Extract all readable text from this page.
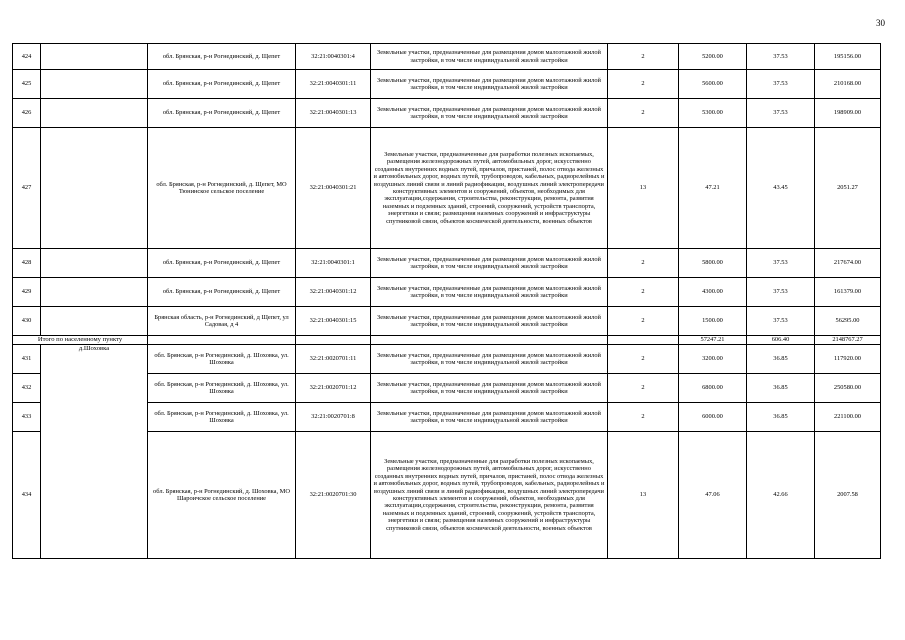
30
424		обл. Брянская, р-н Рогнединский, д. Щепет	32:21:0040301:4	Земельные участки, предназначенные для размещения домов малоэтажной жилой застройки, в том числе индивидуальной жилой застройки	2	5200.00	37.53	195156.00
425		обл. Брянская, р-н Рогнединский, д. Щепет	32:21:0040301:11	Земельные участки, предназначенные для размещения домов малоэтажной жилой застройки, в том числе индивидуальной жилой застройки	2	5600.00	37.53	210168.00
426		обл. Брянская, р-н Рогнединский, д. Щепет	32:21:0040301:13	Земельные участки, предназначенные для размещения домов малоэтажной жилой застройки, в том числе индивидуальной жилой застройки	2	5300.00	37.53	198909.00
427		обл. Брянская, р-н Рогнединский, д. Щепет, МО Тюнинское сельское поселение	32:21:0040301:21	Земельные участки, предназначенные для разработки полезных ископаемых, размещения железнодорожных путей, автомобильных дорог, искусственно созданных внутренних водных путей, причалов, пристаней, полос отвода железных и автомобильных дорог, водных путей, трубопроводов, кабельных, радиорелейных и воздушных линий связи и линий радиофикации, воздушных линий электропередачи конструктивных элементов и сооружений, объектов, необходимых для эксплуатации,содержания, строительства, реконструкции, ремонта, развития наземных и подземных зданий, строений, сооружений, устройств транспорта, энергетики и связи; размещения наземных сооружений и инфраструктуры спутниковой связи, объектов космической деятельности, военных объектов	13	47.21	43.45	2051.27
428		обл. Брянская, р-н Рогнединский, д. Щепет	32:21:0040301:1	Земельные участки, предназначенные для размещения домов малоэтажной жилой застройки, в том числе индивидуальной жилой застройки	2	5800.00	37.53	217674.00
429		обл. Брянская, р-н Рогнединский, д. Щепет	32:21:0040301:12	Земельные участки, предназначенные для размещения домов малоэтажной жилой застройки, в том числе индивидуальной жилой застройки	2	4300.00	37.53	161379.00
430		Брянская область, р-н Рогнединский, д Щепет, ул Садовая, д 4	32:21:0040301:15	Земельные участки, предназначенные для размещения домов малоэтажной жилой застройки, в том числе индивидуальной жилой застройки	2	1500.00	37.53	56295.00
Итого по населенному пункту						57247.21	606.40	2148767.27
431	д.Шоховка	обл. Брянская, р-н Рогнединский, д. Шоховка, ул. Шоховка	32:21:0020701:11	Земельные участки, предназначенные для размещения домов малоэтажной жилой застройки, в том числе индивидуальной жилой застройки	2	3200.00	36.85	117920.00
432		обл. Брянская, р-н Рогнединский, д. Шоховка, ул. Шоховка	32:21:0020701:12	Земельные участки, предназначенные для размещения домов малоэтажной жилой застройки, в том числе индивидуальной жилой застройки	2	6800.00	36.85	250580.00
433		обл. Брянская, р-н Рогнединский, д. Шоховка, ул. Шоховка	32:21:0020701:8	Земельные участки, предназначенные для размещения домов малоэтажной жилой застройки, в том числе индивидуальной жилой застройки	2	6000.00	36.85	221100.00
434		обл. Брянская, р-н Рогнединский, д. Шоховка, МО Шароичское сельское поселение	32:21:0020701:30	Земельные участки, предназначенные для разработки полезных ископаемых, размещения железнодорожных путей, автомобильных дорог, искусственно созданных внутренних водных путей, причалов, пристаней, полос отвода железных и автомобильных дорог, водных путей, трубопроводов, кабельных, радиорелейных и воздушных линий связи и линий радиофикации, воздушных линий электропередачи конструктивных элементов и сооружений, объектов, необходимых для эксплуатации,содержания, строительства, реконструкции, ремонта, развития наземных и подземных зданий, строений, сооружений, устройств транспорта, энергетики и связи; размещения наземных сооружений и инфраструктуры спутниковой связи, объектов космической деятельности, военных объектов	13	47.06	42.66	2007.58
